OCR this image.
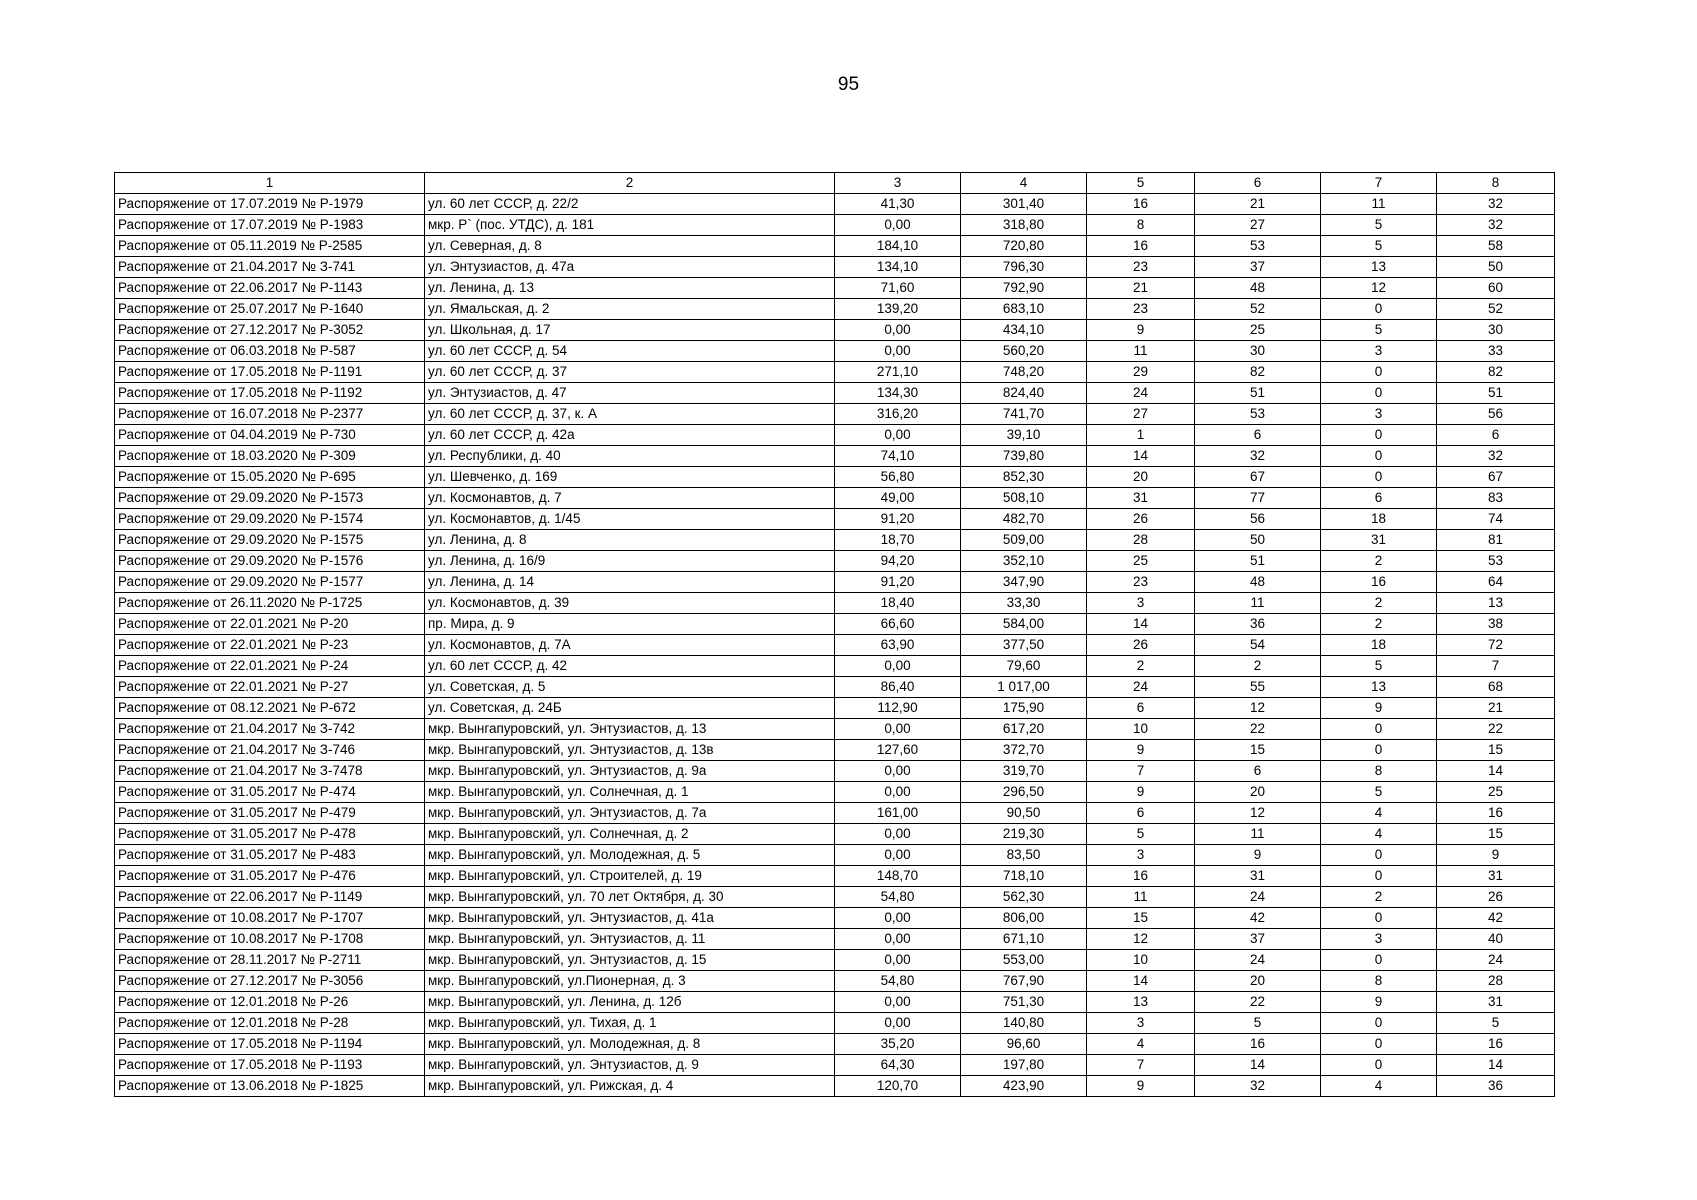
95
1	2	3	4	5	6	7	8
Распоряжение от 17.07.2019 № Р-1979	ул. 60 лет СССР, д. 22/2	41,30	301,40	16	21	11	32
Распоряжение от 17.07.2019 № Р-1983	мкр. Р` (пос. УТДС), д. 181	0,00	318,80	8	27	5	32
Распоряжение от 05.11.2019 № Р-2585	ул. Северная, д. 8	184,10	720,80	16	53	5	58
Распоряжение от 21.04.2017 № З-741	ул. Энтузиастов, д. 47а	134,10	796,30	23	37	13	50
Распоряжение от 22.06.2017 № Р-1143	ул. Ленина, д. 13	71,60	792,90	21	48	12	60
Распоряжение от 25.07.2017 № Р-1640	ул. Ямальская, д. 2	139,20	683,10	23	52	0	52
Распоряжение от 27.12.2017 № Р-3052	ул. Школьная, д. 17	0,00	434,10	9	25	5	30
Распоряжение от 06.03.2018 № Р-587	ул. 60 лет СССР, д. 54	0,00	560,20	11	30	3	33
Распоряжение от 17.05.2018 № Р-1191	ул. 60 лет СССР, д. 37	271,10	748,20	29	82	0	82
Распоряжение от 17.05.2018 № Р-1192	ул. Энтузиастов, д. 47	134,30	824,40	24	51	0	51
Распоряжение от 16.07.2018 № Р-2377	ул. 60 лет СССР, д. 37, к. А	316,20	741,70	27	53	3	56
Распоряжение от 04.04.2019 № Р-730	ул. 60 лет СССР, д. 42а	0,00	39,10	1	6	0	6
Распоряжение от 18.03.2020 № Р-309	ул. Республики, д. 40	74,10	739,80	14	32	0	32
Распоряжение от 15.05.2020 № Р-695	ул. Шевченко, д. 169	56,80	852,30	20	67	0	67
Распоряжение от 29.09.2020 № Р-1573	ул. Космонавтов, д. 7	49,00	508,10	31	77	6	83
Распоряжение от 29.09.2020 № Р-1574	ул. Космонавтов, д. 1/45	91,20	482,70	26	56	18	74
Распоряжение от 29.09.2020 № Р-1575	ул. Ленина, д. 8	18,70	509,00	28	50	31	81
Распоряжение от 29.09.2020 № Р-1576	ул. Ленина, д. 16/9	94,20	352,10	25	51	2	53
Распоряжение от 29.09.2020 № Р-1577	ул. Ленина, д. 14	91,20	347,90	23	48	16	64
Распоряжение от 26.11.2020 № Р-1725	ул. Космонавтов, д. 39	18,40	33,30	3	11	2	13
Распоряжение от 22.01.2021 № Р-20	пр. Мира, д. 9	66,60	584,00	14	36	2	38
Распоряжение от 22.01.2021 № Р-23	ул. Космонавтов, д. 7А	63,90	377,50	26	54	18	72
Распоряжение от 22.01.2021 № Р-24	ул. 60 лет СССР, д. 42	0,00	79,60	2	2	5	7
Распоряжение от 22.01.2021 № Р-27	ул. Советская, д. 5	86,40	1 017,00	24	55	13	68
Распоряжение от 08.12.2021 № Р-672	ул. Советская, д. 24Б	112,90	175,90	6	12	9	21
Распоряжение от 21.04.2017 № З-742	мкр. Вынгапуровский, ул. Энтузиастов, д. 13	0,00	617,20	10	22	0	22
Распоряжение от 21.04.2017 № З-746	мкр. Вынгапуровский, ул. Энтузиастов, д. 13в	127,60	372,70	9	15	0	15
Распоряжение от 21.04.2017 № З-7478	мкр. Вынгапуровский, ул. Энтузиастов, д. 9а	0,00	319,70	7	6	8	14
Распоряжение от 31.05.2017 № Р-474	мкр. Вынгапуровский, ул. Солнечная, д. 1	0,00	296,50	9	20	5	25
Распоряжение от 31.05.2017 № Р-479	мкр. Вынгапуровский, ул. Энтузиастов, д. 7а	161,00	90,50	6	12	4	16
Распоряжение от 31.05.2017 № Р-478	мкр. Вынгапуровский, ул. Солнечная, д. 2	0,00	219,30	5	11	4	15
Распоряжение от 31.05.2017 № Р-483	мкр. Вынгапуровский, ул. Молодежная, д. 5	0,00	83,50	3	9	0	9
Распоряжение от 31.05.2017 № Р-476	мкр. Вынгапуровский, ул. Строителей, д. 19	148,70	718,10	16	31	0	31
Распоряжение от 22.06.2017 № Р-1149	мкр. Вынгапуровский, ул. 70 лет Октября, д. 30	54,80	562,30	11	24	2	26
Распоряжение от 10.08.2017 № Р-1707	мкр. Вынгапуровский, ул. Энтузиастов, д. 41а	0,00	806,00	15	42	0	42
Распоряжение от 10.08.2017 № Р-1708	мкр. Вынгапуровский, ул. Энтузиастов, д. 11	0,00	671,10	12	37	3	40
Распоряжение от 28.11.2017 № Р-2711	мкр. Вынгапуровский, ул. Энтузиастов, д. 15	0,00	553,00	10	24	0	24
Распоряжение от 27.12.2017 № Р-3056	мкр. Вынгапуровский, ул.Пионерная, д. 3	54,80	767,90	14	20	8	28
Распоряжение от 12.01.2018 № Р-26	мкр. Вынгапуровский, ул. Ленина, д. 12б	0,00	751,30	13	22	9	31
Распоряжение от 12.01.2018 № Р-28	мкр. Вынгапуровский, ул. Тихая, д. 1	0,00	140,80	3	5	0	5
Распоряжение от 17.05.2018 № Р-1194	мкр. Вынгапуровский, ул. Молодежная, д. 8	35,20	96,60	4	16	0	16
Распоряжение от 17.05.2018 № Р-1193	мкр. Вынгапуровский, ул. Энтузиастов, д. 9	64,30	197,80	7	14	0	14
Распоряжение от 13.06.2018 № Р-1825	мкр. Вынгапуровский, ул. Рижская, д. 4	120,70	423,90	9	32	4	36
